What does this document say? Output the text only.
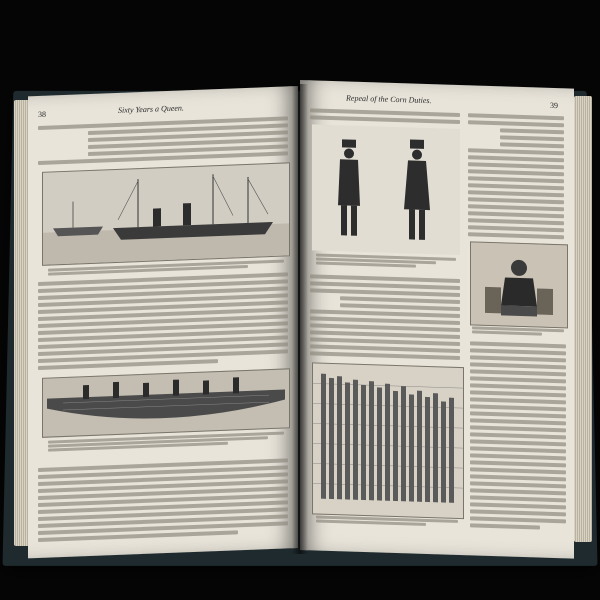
38	Sixty Years a Queen.
Repeal of the Corn Duties.
39
